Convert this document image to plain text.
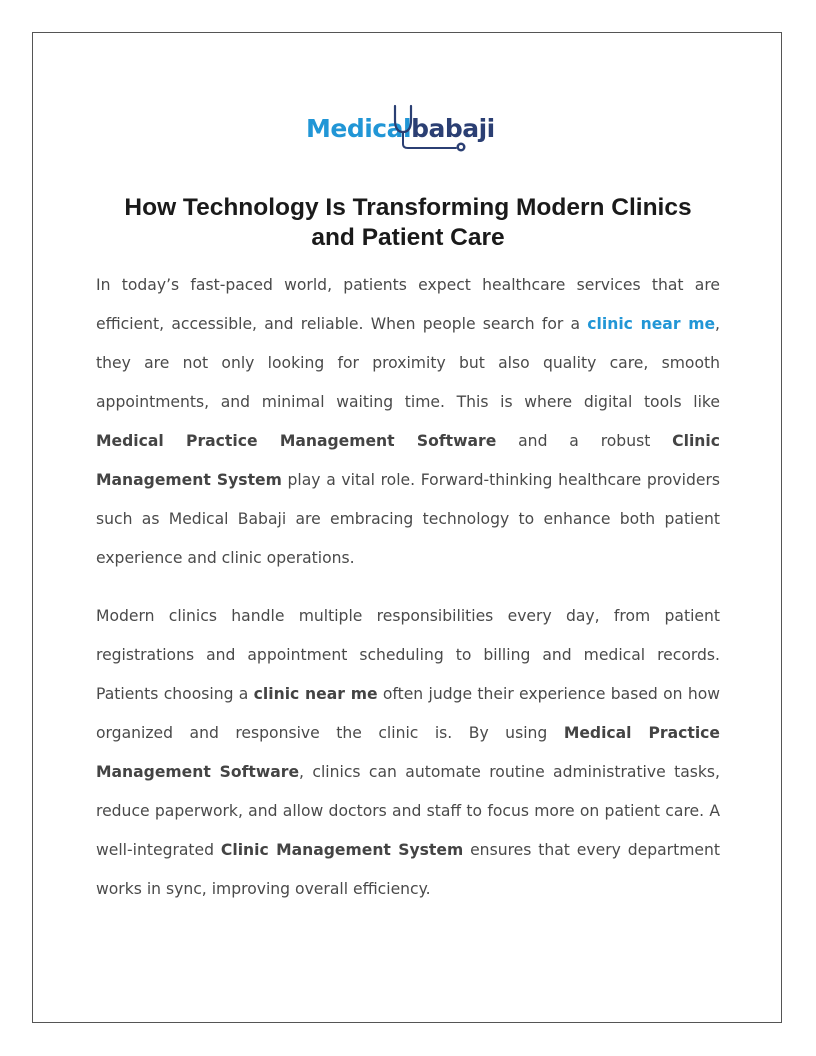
Medicalbabaji
How Technology Is Transforming Modern Clinics
and Patient Care

In today’s fast-paced world, patients expect healthcare services that are efficient, accessible, and reliable. When people search for a clinic near me, they are not only looking for proximity but also quality care, smooth appointments, and minimal waiting time. This is where digital tools like Medical Practice Management Software and a robust Clinic Management System play a vital role. Forward-thinking healthcare providers such as Medical Babaji are embracing technology to enhance both patient experience and clinic operations.

Modern clinics handle multiple responsibilities every day, from patient registrations and appointment scheduling to billing and medical records. Patients choosing a clinic near me often judge their experience based on how organized and responsive the clinic is. By using Medical Practice Management Software, clinics can automate routine administrative tasks, reduce paperwork, and allow doctors and staff to focus more on patient care. A well-integrated Clinic Management System ensures that every department works in sync, improving overall efficiency.
